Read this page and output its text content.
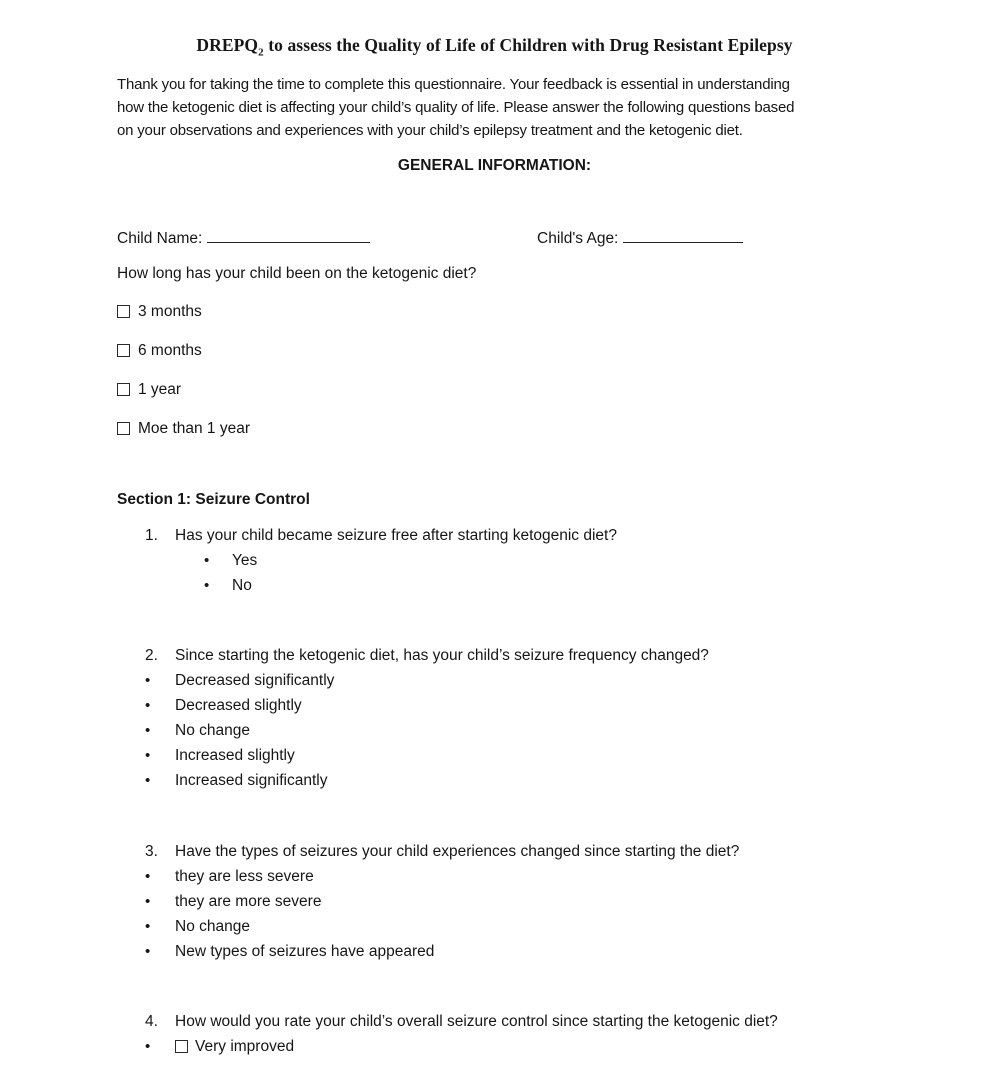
$DREPQ_2$ to assess the Quality of Life of Children with Drug Resistant Epilepsy
Thank you for taking the time to complete this questionnaire. Your feedback is essential in understanding
how the ketogenic diet is affecting your child’s quality of life. Please answer the following questions based
on your observations and experiences with your child’s epilepsy treatment and the ketogenic diet.
GENERAL INFORMATION:
Child Name:	Child's Age:
How long has your child been on the ketogenic diet?
3 months
6 months
1 year
Moe than 1 year
Section 1: Seizure Control
1.	Has your child became seizure free after starting ketogenic diet?
•
Yes
•
No
2.	Since starting the ketogenic diet, has your child’s seizure frequency changed?
•
Decreased significantly
•
Decreased slightly
•
No change
•
Increased slightly
•
Increased significantly
3.	Have the types of seizures your child experiences changed since starting the diet?
•
they are less severe
•
they are more severe
•
No change
•
New types of seizures have appeared
4.	How would you rate your child’s overall seizure control since starting the ketogenic diet?
•
Very improved
